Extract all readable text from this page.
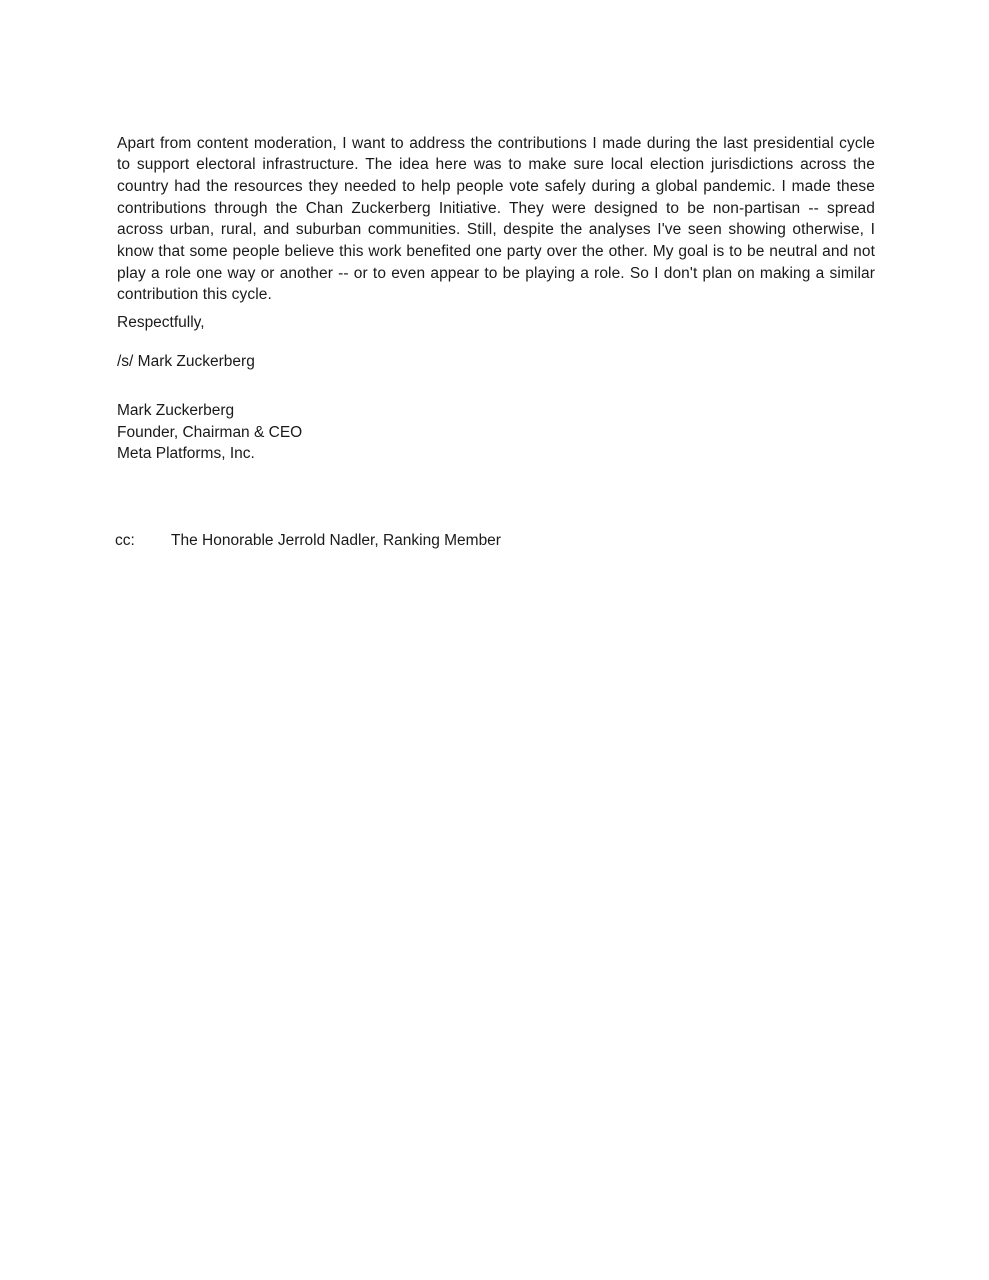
Apart from content moderation, I want to address the contributions I made during the last presidential cycle to support electoral infrastructure. The idea here was to make sure local election jurisdictions across the country had the resources they needed to help people vote safely during a global pandemic. I made these contributions through the Chan Zuckerberg Initiative. They were designed to be non-partisan -- spread across urban, rural, and suburban communities. Still, despite the analyses I've seen showing otherwise, I know that some people believe this work benefited one party over the other. My goal is to be neutral and not play a role one way or another -- or to even appear to be playing a role. So I don't plan on making a similar contribution this cycle.

Respectfully,
/s/ Mark Zuckerberg
Mark Zuckerberg
Founder, Chairman & CEO
Meta Platforms, Inc.
cc:	The Honorable Jerrold Nadler, Ranking Member
